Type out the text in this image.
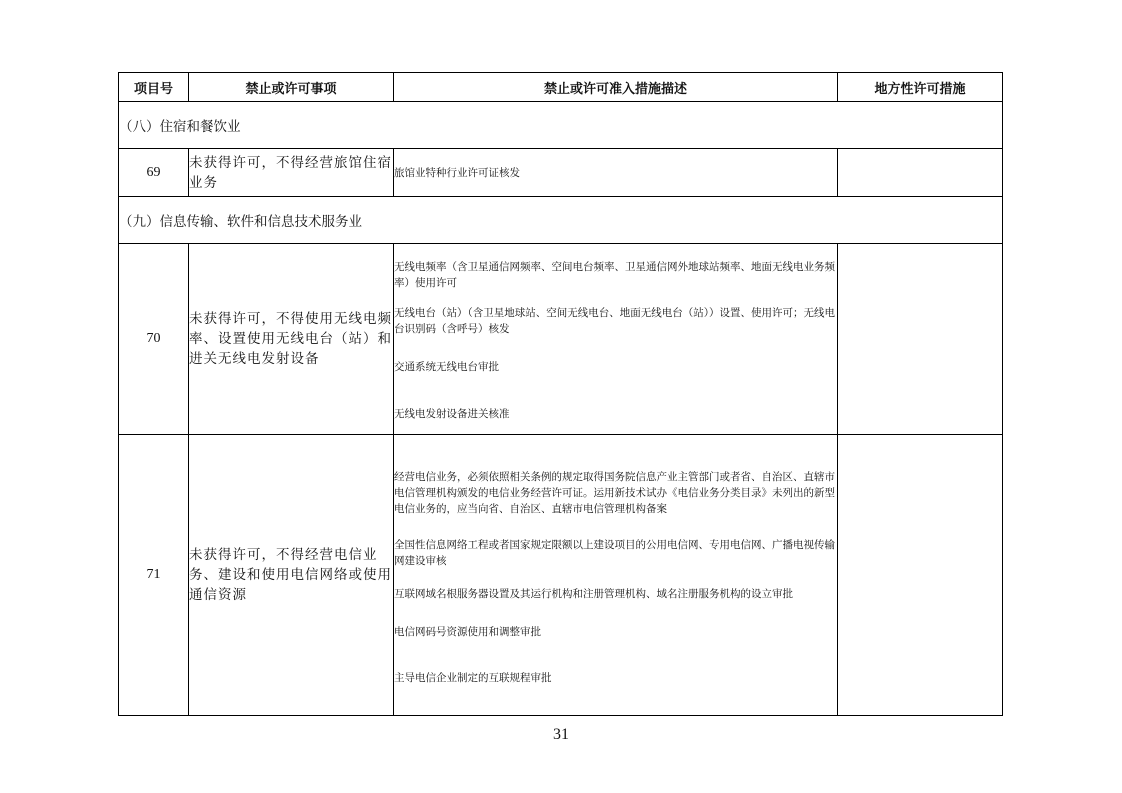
项目号	禁止或许可事项	禁止或许可准入措施描述	地方性许可措施
（八）住宿和餐饮业			
69	未获得许可，不得经营旅馆住宿业务	旅馆业特种行业许可证核发	

（九）信息传输、软件和信息技术服务业			
70	未获得许可，不得使用无线电频率、设置使用无线电台（站）和进关无线电发射设备	无线电频率（含卫星通信网频率、空间电台频率、卫星通信网外地球站频率、地面无线电业务频率）使用许可
无线电台（站）（含卫星地球站、空间无线电台、地面无线电台（站））设置、使用许可；无线电台识别码（含呼号）核发
交通系统无线电台审批
无线电发射设备进关核准	

71	未获得许可，不得经营电信业务、建设和使用电信网络或使用通信资源	经营电信业务，必须依照相关条例的规定取得国务院信息产业主管部门或者省、自治区、直辖市电信管理机构颁发的电信业务经营许可证。运用新技术试办《电信业务分类目录》未列出的新型电信业务的，应当向省、自治区、直辖市电信管理机构备案
全国性信息网络工程或者国家规定限额以上建设项目的公用电信网、专用电信网、广播电视传输网建设审核
互联网域名根服务器设置及其运行机构和注册管理机构、域名注册服务机构的设立审批
电信网码号资源使用和调整审批
主导电信企业制定的互联规程审批	

31
